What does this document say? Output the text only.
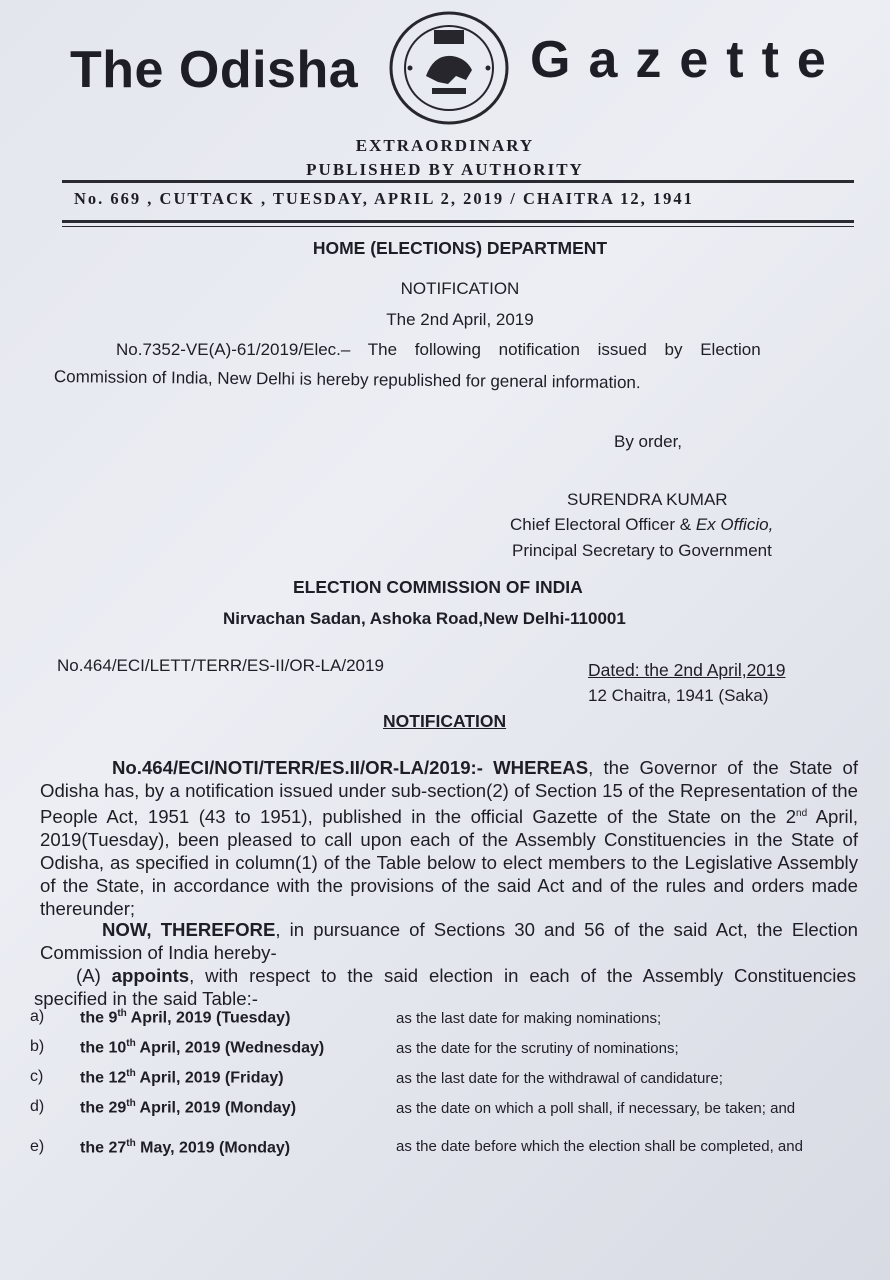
The Odisha	Gazette
EXTRAORDINARY
PUBLISHED BY AUTHORITY
No. 669 , CUTTACK , TUESDAY, APRIL 2, 2019 / CHAITRA 12, 1941
HOME (ELECTIONS) DEPARTMENT
NOTIFICATION
The 2nd April, 2019
No.7352-VE(A)-61/2019/Elec.– The following notification issued by Election
Commission of India, New Delhi is hereby republished for general information.
By order,
SURENDRA KUMAR
Chief Electoral Officer & Ex Officio,
Principal Secretary to Government
ELECTION COMMISSION OF INDIA
Nirvachan Sadan, Ashoka Road,New Delhi-110001
No.464/ECI/LETT/TERR/ES-II/OR-LA/2019	Dated: the 2nd April,2019
12 Chaitra, 1941 (Saka)
NOTIFICATION
No.464/ECI/NOTI/TERR/ES.II/OR-LA/2019:- WHEREAS, the Governor of the State of Odisha has, by a notification issued under sub-section(2) of Section 15 of the Representation of the People Act, 1951 (43 to 1951), published in the official Gazette of the State on the 2nd April, 2019(Tuesday), been pleased to call upon each of the Assembly Constituencies in the State of Odisha, as specified in column(1) of the Table below to elect members to the Legislative Assembly of the State, in accordance with the provisions of the said Act and of the rules and orders made thereunder;
NOW, THEREFORE, in pursuance of Sections 30 and 56 of the said Act, the Election Commission of India hereby-
(A) appoints, with respect to the said election in each of the Assembly Constituencies specified in the said Table:-
a) the 9th April, 2019 (Tuesday)	as the last date for making nominations;
b) the 10th April, 2019 (Wednesday)	as the date for the scrutiny of nominations;
c) the 12th April, 2019 (Friday)	as the last date for the withdrawal of candidature;
d) the 29th April, 2019 (Monday)	as the date on which a poll shall, if necessary, be taken; and
e) the 27th May, 2019 (Monday)	as the date before which the election shall be completed, and
